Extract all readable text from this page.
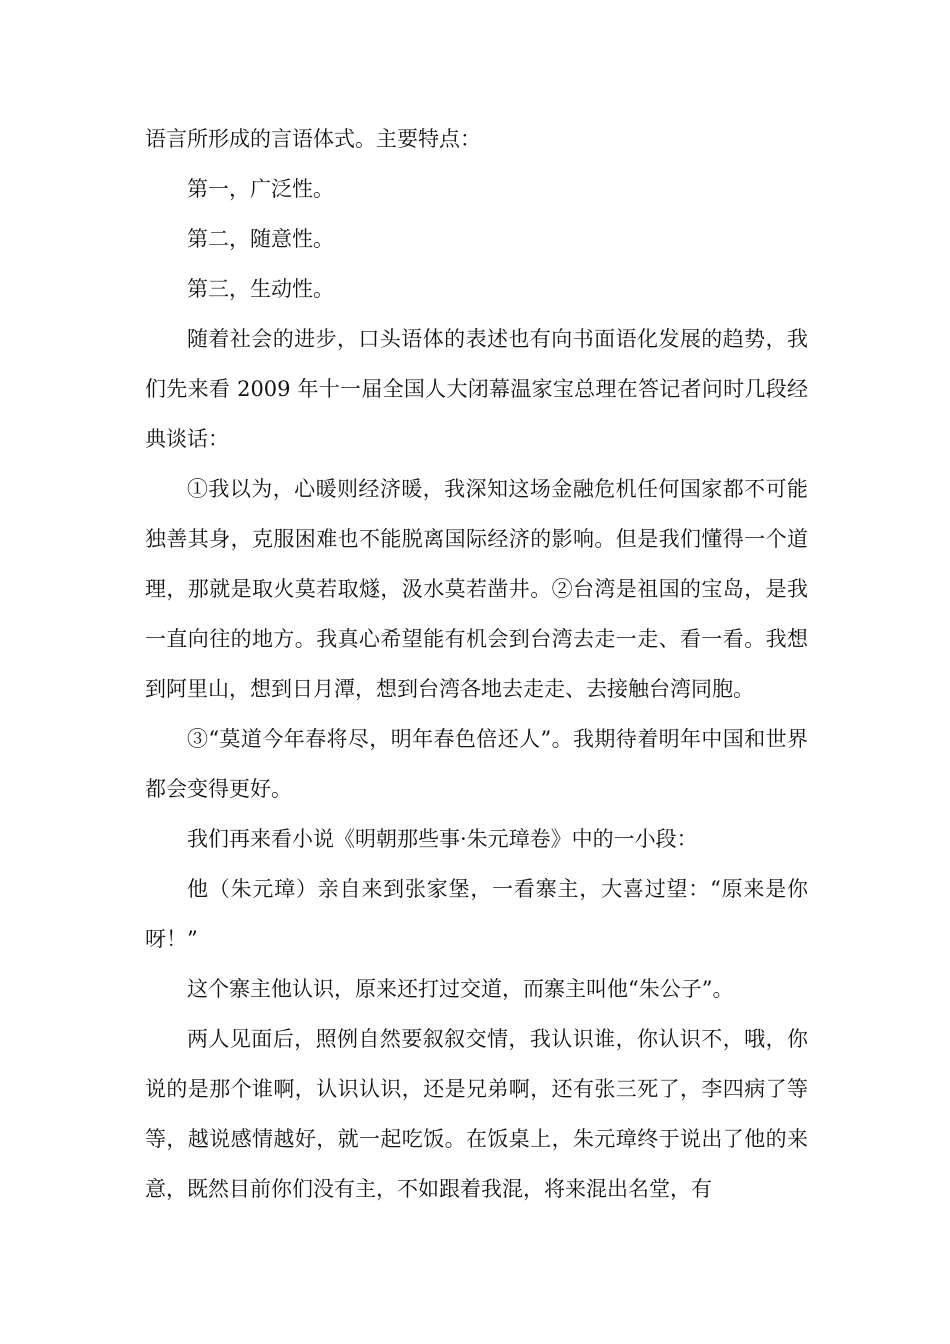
语言所形成的言语体式。主要特点：

第一，广泛性。

第二，随意性。

第三，生动性。

随着社会的进步，口头语体的表述也有向书面语化发展的趋势，我们先来看 2009 年十一届全国人大闭幕温家宝总理在答记者问时几段经典谈话：

①我以为，心暖则经济暖，我深知这场金融危机任何国家都不可能独善其身，克服困难也不能脱离国际经济的影响。但是我们懂得一个道理，那就是取火莫若取燧，汲水莫若凿井。②台湾是祖国的宝岛，是我一直向往的地方。我真心希望能有机会到台湾去走一走、看一看。我想到阿里山，想到日月潭，想到台湾各地去走走、去接触台湾同胞。

③“莫道今年春将尽，明年春色倍还人”。我期待着明年中国和世界都会变得更好。

我们再来看小说《明朝那些事·朱元璋卷》中的一小段：

他（朱元璋）亲自来到张家堡，一看寨主，大喜过望：“原来是你呀！”

这个寨主他认识，原来还打过交道，而寨主叫他“朱公子”。

两人见面后，照例自然要叙叙交情，我认识谁，你认识不，哦，你说的是那个谁啊，认识认识，还是兄弟啊，还有张三死了，李四病了等等，越说感情越好，就一起吃饭。在饭桌上，朱元璋终于说出了他的来意，既然目前你们没有主，不如跟着我混，将来混出名堂，有
